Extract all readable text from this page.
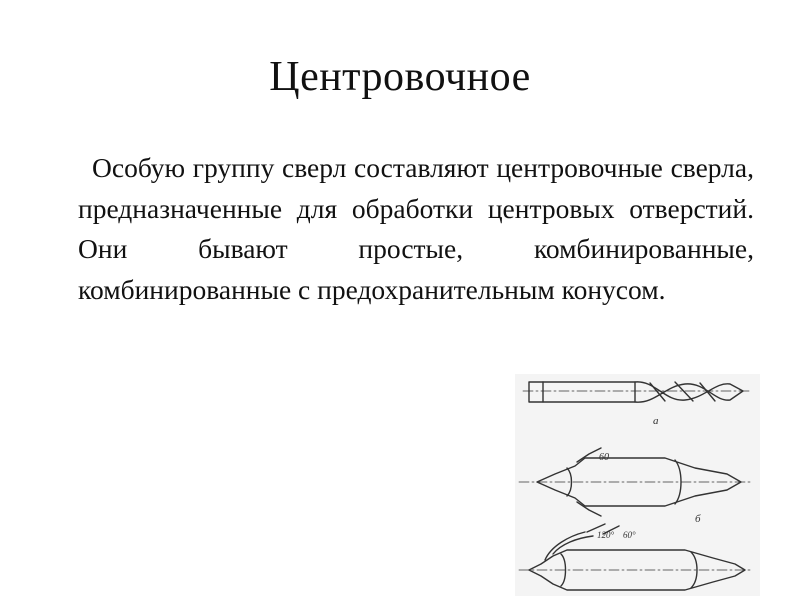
Центровочное

Особую группу сверл составляют центровочные сверла, предназначенные для обработки центровых отверстий. Они бывают простые, комбинированные, комбинированные с предохранительным конусом.

а
60
б
120° 60°
